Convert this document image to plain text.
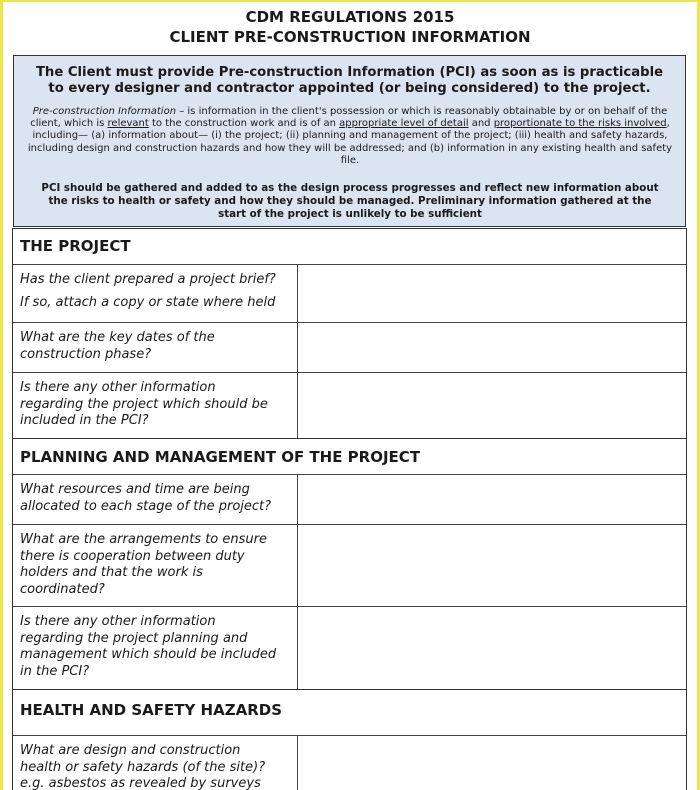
CDM REGULATIONS 2015
CLIENT PRE-CONSTRUCTION INFORMATION
The Client must provide Pre-construction Information (PCI) as soon as is practicable
to every designer and contractor appointed (or being considered) to the project.
Pre-construction Information – is information in the client's possession or which is reasonably obtainable by or on behalf of the client, which is relevant to the construction work and is of an appropriate level of detail and proportionate to the risks involved, including— (a) information about— (i) the project; (ii) planning and management of the project; (iii) health and safety hazards, including design and construction hazards and how they will be addressed; and (b) information in any existing health and safety file.
PCI should be gathered and added to as the design process progresses and reflect new information about
the risks to health or safety and how they should be managed. Preliminary information gathered at the
start of the project is unlikely to be sufficient
THE PROJECT
Has the client prepared a project brief?
If so, attach a copy or state where held
What are the key dates of the
construction phase?
Is there any other information
regarding the project which should be
included in the PCI?
PLANNING AND MANAGEMENT OF THE PROJECT
What resources and time are being
allocated to each stage of the project?
What are the arrangements to ensure
there is cooperation between duty
holders and that the work is
coordinated?
Is there any other information
regarding the project planning and
management which should be included
in the PCI?
HEALTH AND SAFETY HAZARDS
What are design and construction
health or safety hazards (of the site)?
e.g. asbestos as revealed by surveys
